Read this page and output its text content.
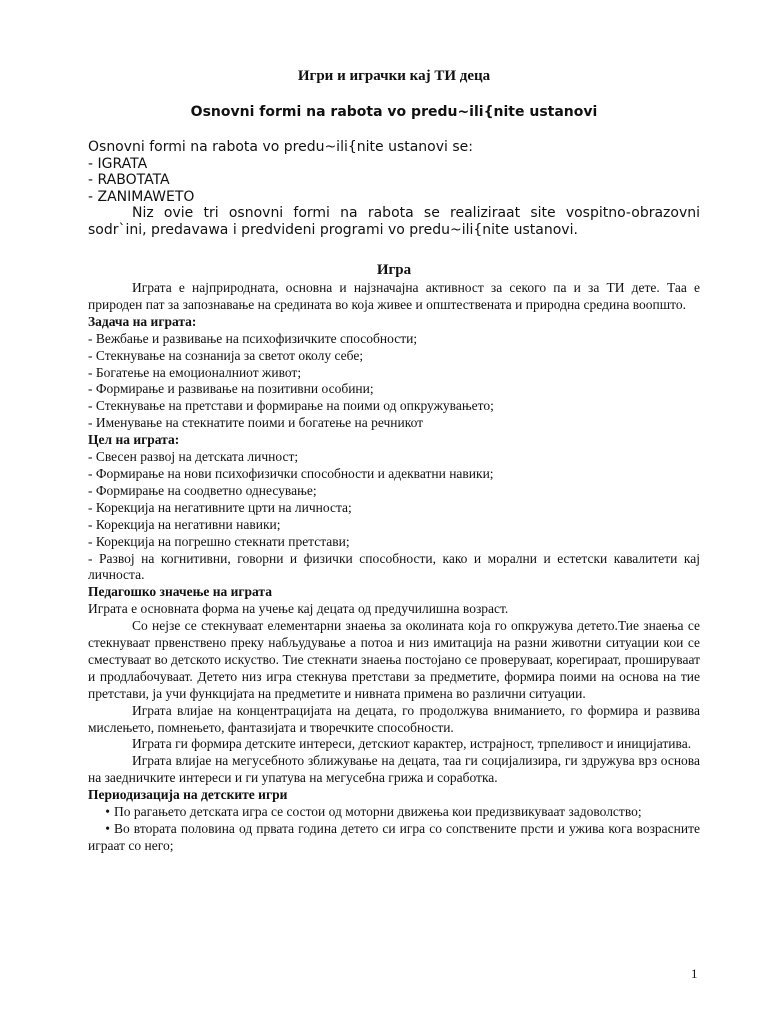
Игри и играчки кај ТИ деца
Osnovni formi na rabota vo predu~ili{nite ustanovi

Osnovni formi na rabota vo predu~ili{nite ustanovi se:

- IGRATA

- RABOTATA

- ZANIMAWETO

Niz ovie tri osnovni formi na rabota se realiziraat site vospitno-obrazovni sodr`ini, predavawa i predvideni programi vo predu~ili{nite ustanovi.

Игра

Играта е најприродната, основна и најзначајна активност за секого па и за ТИ дете. Таа е природен пат за запознавање на средината во која живее и општествената и природна средина воопшто.

Задача на играта:

- Вежбање и развивање на психофизичките способности;

- Стекнување на сознанија за светот околу себе;

- Богатење на емоционалниот живот;

- Формирање и развивање на позитивни особини;

- Стекнување на претстави и формирање на поими од опкружувањето;

- Именување на стекнатите поими и богатење на речникот

Цел на играта:

- Свесен развој на детската личност;

- Формирање на нови психофизички способности и адекватни навики;

- Формирање на соодветно однесување;

- Корекција на негативните црти на личноста;

- Корекција на негативни навики;

- Корекција на погрешно стекнати претстави;

- Развој на когнитивни, говорни и физички способности, како и морални и естетски кавалитети кај личноста.

Педагошко значење на играта

Играта е основната форма на учење кај децата од предучилишна возраст.

Со нејзе се стекнуваат елементарни знаења за околината која го опкружува детето.Тие знаења се стекнуваат првенствено преку набљудување а потоа и низ имитација на разни животни ситуации кои се сместуваат во детското искуство. Тие стекнати знаења постојано се проверуваат, корегираат, прошируваат и продлабочуваат. Детето низ игра стекнува претстави за предметите, формира поими на основа на тие претстави, ја учи функцијата на предметите и нивната примена во различни ситуации.

Играта влијае на концентрацијата на децата, го продолжува вниманието, го формира и развива мислењето, помнењето, фантазијата и творечките способности.

Играта ги формира детските интереси, детскиот карактер, истрајност, трпеливост и иницијатива.

Играта влијае на мегусебното зближување на децата, таа ги социјализира, ги здружува врз основа на заедничките интереси и ги упатува на мегусебна грижа и соработка.

Периодизација на детските игри

• По рагањето детската игра се состои од моторни движења кои предизвикуваат задоволство;

• Во втората половина од првата година детето си игра со сопствените прсти и ужива кога возрасните играат со него;

1
